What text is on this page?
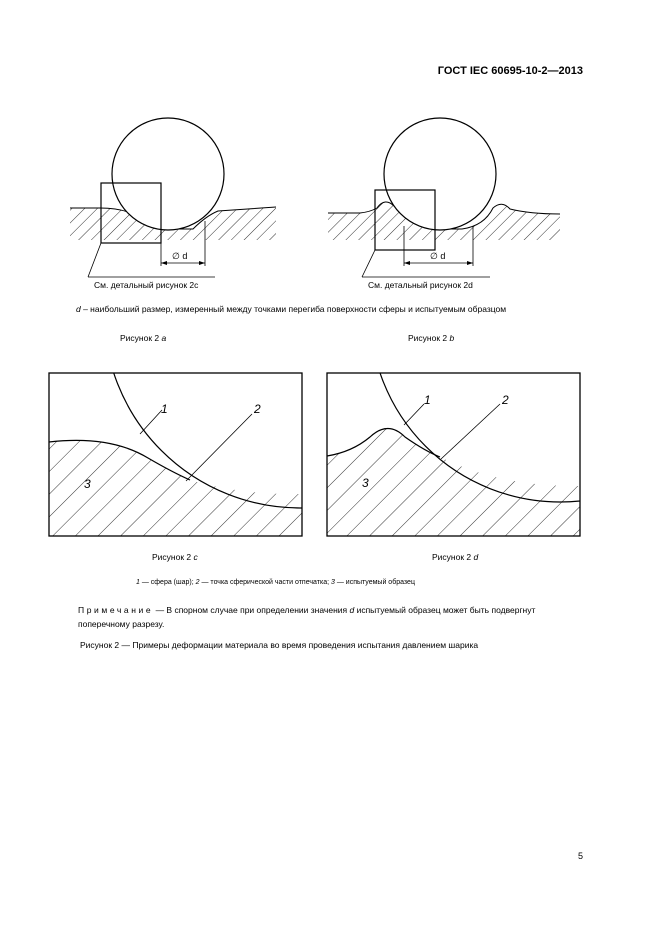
ГОСТ IEC 60695-10-2—2013
∅ d
См. детальный рисунок 2c
∅ d
См. детальный рисунок 2d
1	2
3
1	2
3
d – наибольший размер, измеренный между точками перегиба поверхности сферы и испытуемым образцом
Рисунок 2 a	Рисунок 2 b
Рисунок 2 c	Рисунок 2 d
1 — сфера (шар); 2 — точка сферической части отпечатка; 3 — испытуемый образец
Примечание — В спорном случае при определении значения d испытуемый образец может быть подвергнут поперечному разрезу.
Рисунок 2 — Примеры деформации материала во время проведения испытания давлением шарика
5
